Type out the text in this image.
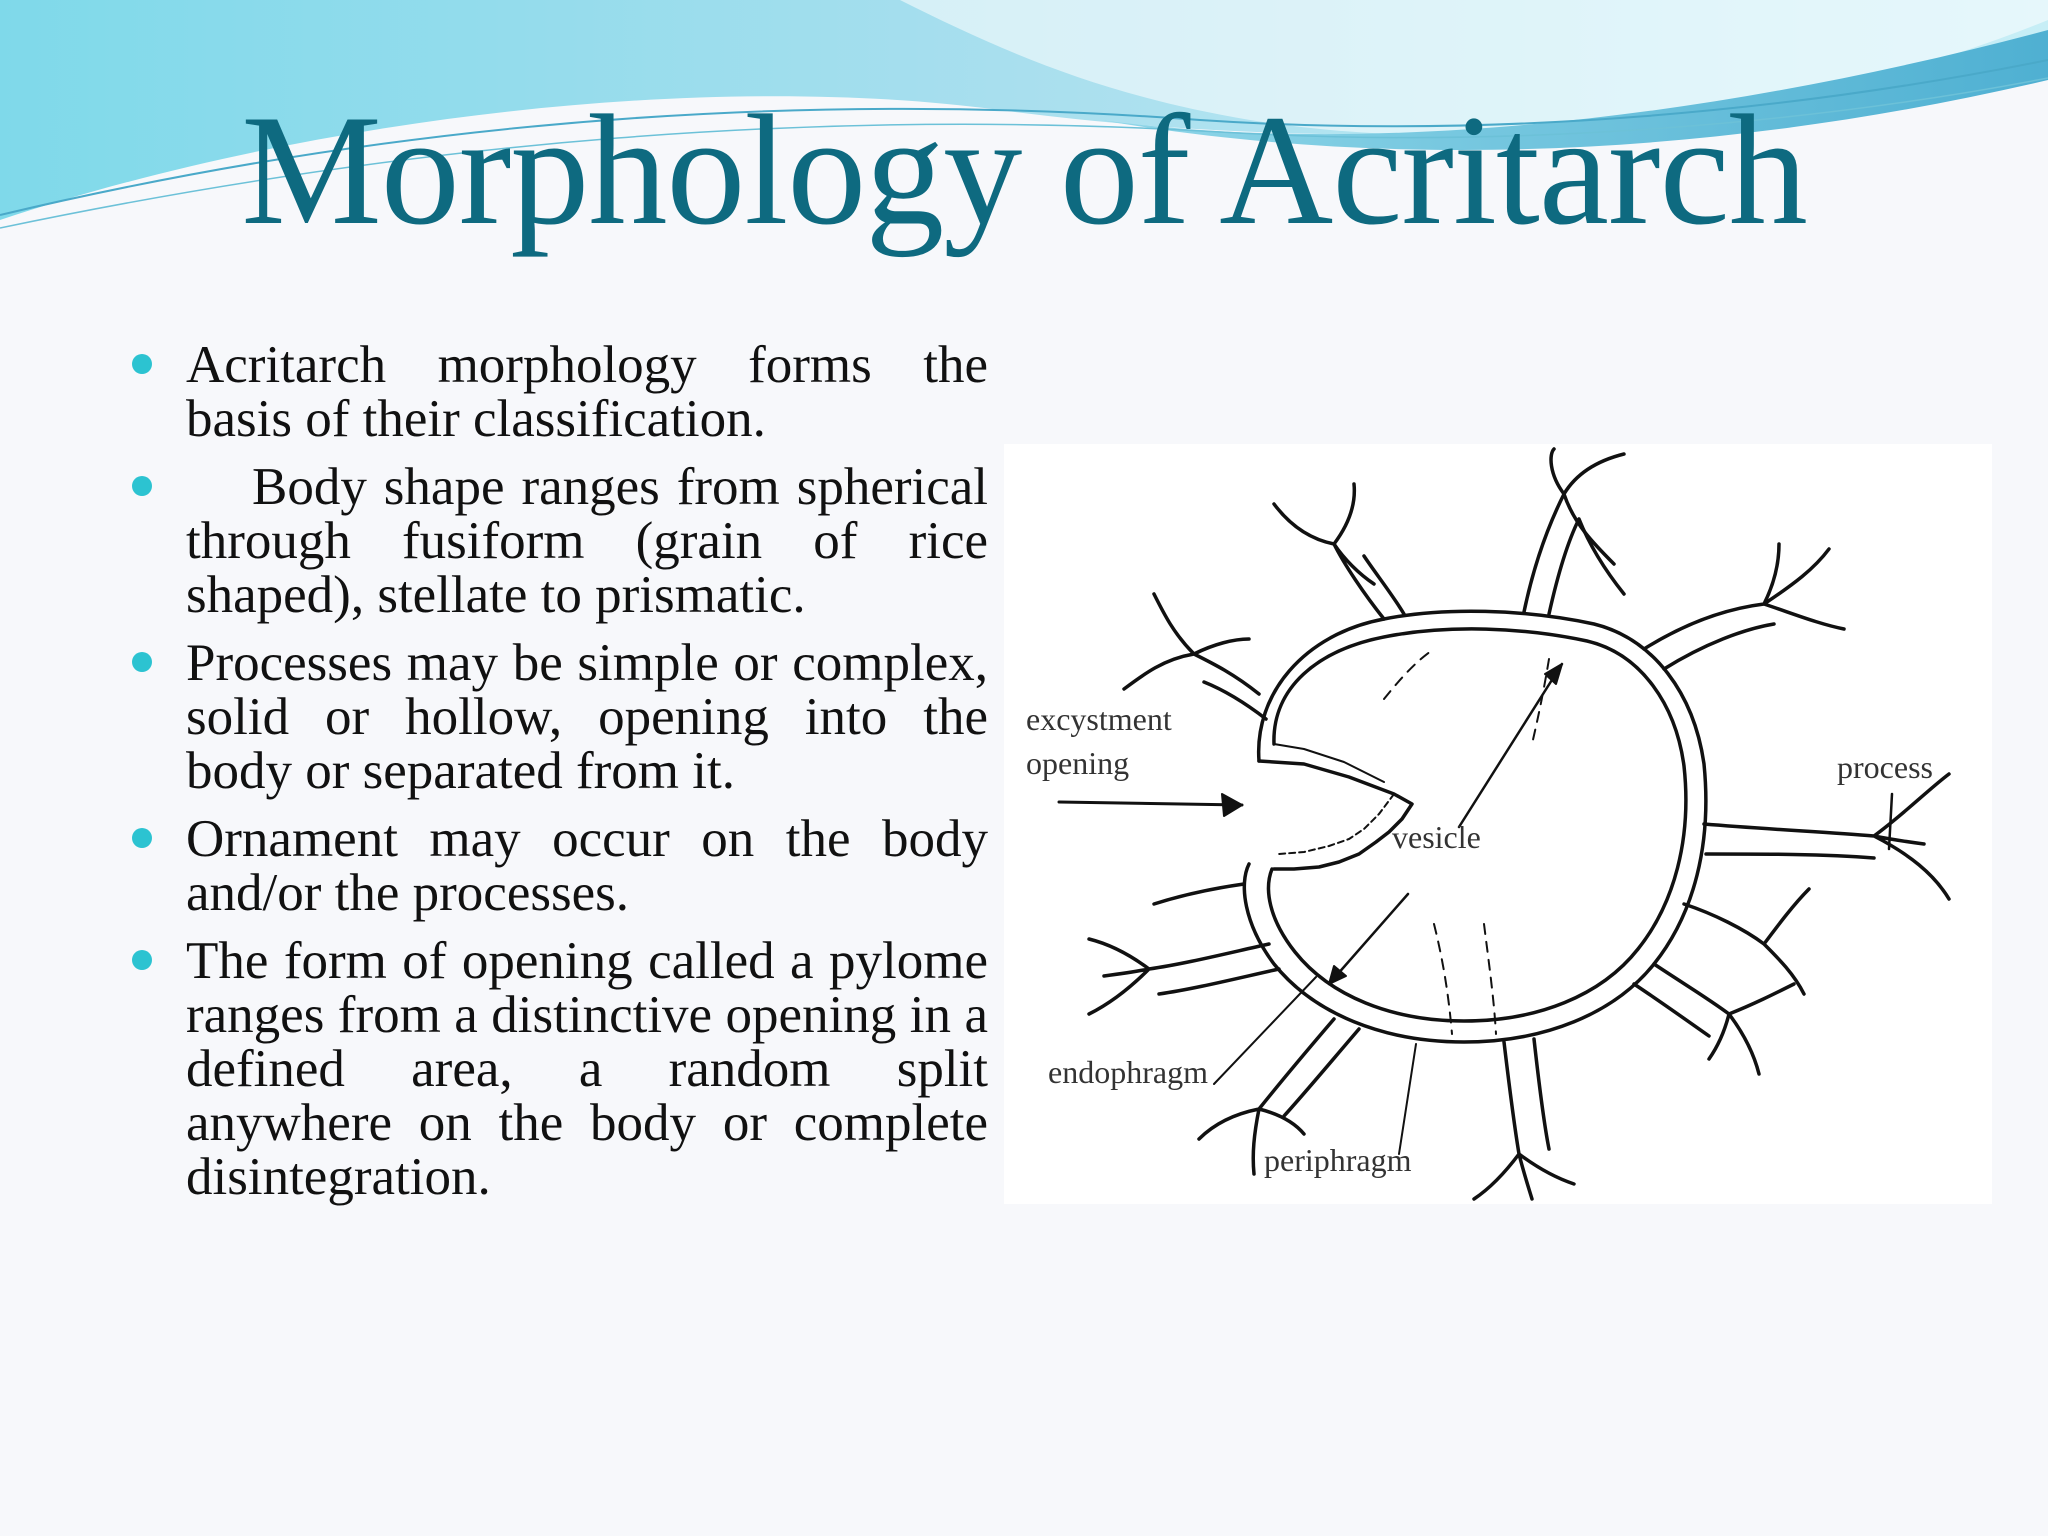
Morphology of Acritarch
Acritarch morphology forms the basis of their classification.
Body shape ranges from spherical through fusiform (grain of rice shaped), stellate to prismatic.
Processes may be simple or complex, solid or hollow, opening into the body or separated from it.
Ornament may occur on the body and/or the processes.
The form of opening called a pylome ranges from a distinctive opening in a defined area, a random split anywhere on the body or complete disintegration.
excystment
opening
vesicle
process
endophragm
periphragm
